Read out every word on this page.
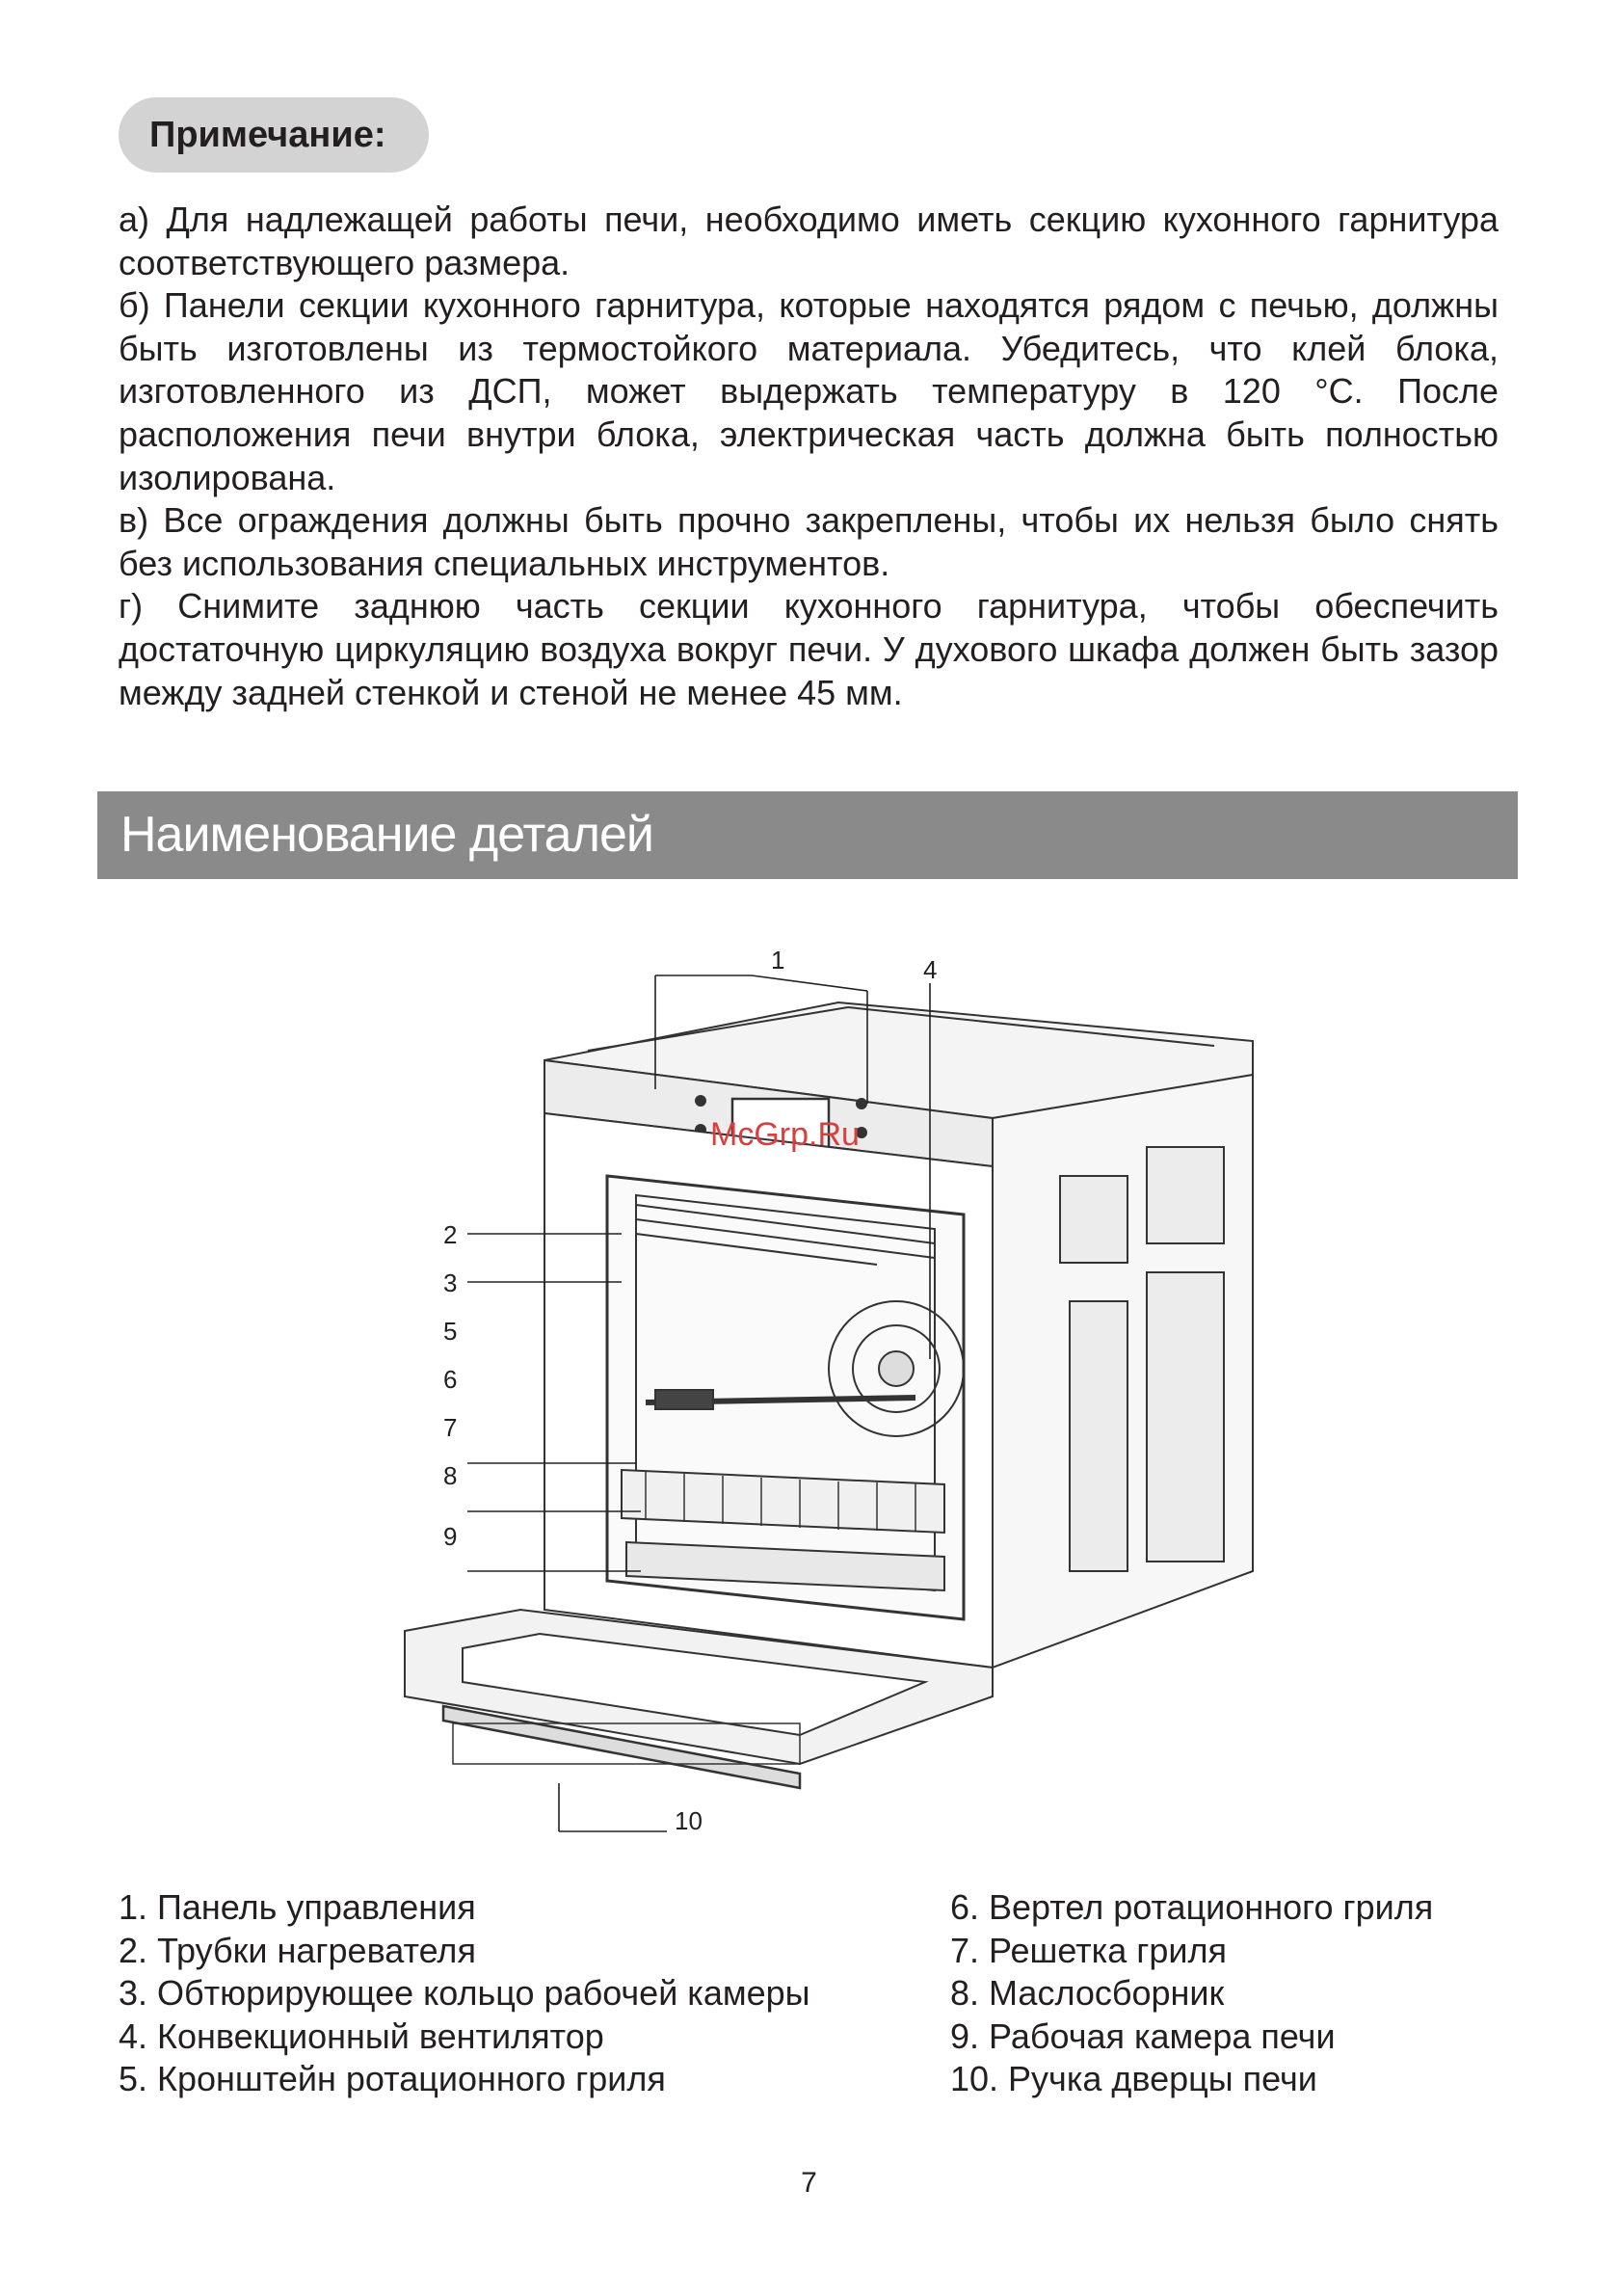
Примечание:

а) Для надлежащей работы печи, необходимо иметь секцию кухонного гарнитура соответствующего размера.

б) Панели секции кухонного гарнитура, которые находятся рядом с печью, должны быть изготовлены из термостойкого материала. Убедитесь, что клей блока, изготовленного из ДСП, может выдержать температуру в 120 °C. После расположения печи внутри блока, электрическая часть должна быть полностью изолирована.

в) Все ограждения должны быть прочно закреплены, чтобы их нельзя было снять без использования специальных инструментов.

г) Снимите заднюю часть секции кухонного гарнитура, чтобы обеспечить достаточную циркуляцию воздуха вокруг печи. У духового шкафа должен быть зазор между задней стенкой и стеной не менее 45 мм.

Наименование деталей
1
2
3
4
5
6
7
8
9
10
McGrp.Ru
1. Панель управления
2. Трубки нагревателя
3. Обтюрирующее кольцо рабочей камеры
4. Конвекционный вентилятор
5. Кронштейн ротационного гриля
6. Вертел ротационного гриля
7. Решетка гриля
8. Маслосборник
9. Рабочая камера печи
10. Ручка дверцы печи
7
